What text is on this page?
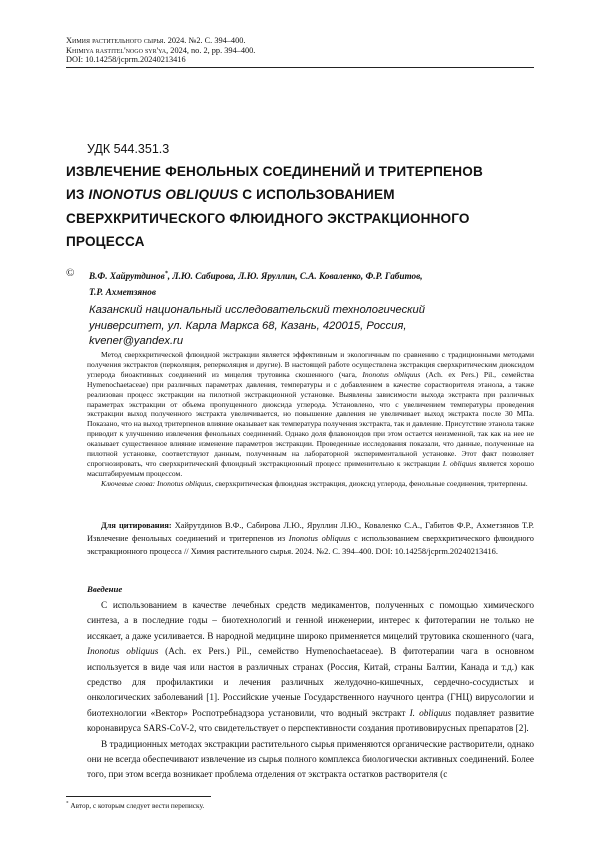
Химия растительного сырья. 2024. №2. С. 394–400.
Khimiya rastitel'nogo syr'ya, 2024, no. 2, pp. 394–400.
DOI: 10.14258/jcprm.20240213416
УДК 544.351.3
ИЗВЛЕЧЕНИЕ ФЕНОЛЬНЫХ СОЕДИНЕНИЙ И ТРИТЕРПЕНОВ
ИЗ INONOTUS OBLIQUUS С ИСПОЛЬЗОВАНИЕМ
СВЕРХКРИТИЧЕСКОГО ФЛЮИДНОГО ЭКСТРАКЦИОННОГО
ПРОЦЕССА
© В.Ф. Хайрутдинов*, Л.Ю. Сабирова, Л.Ю. Яруллин, С.А. Коваленко, Ф.Р. Габитов,
Т.Р. Ахметзянов
Казанский национальный исследовательский технологический
университет, ул. Карла Маркса 68, Казань, 420015, Россия,
kvener@yandex.ru

Метод сверхкритической флюидной экстракции является эффективным и экологичным по сравнению с традиционными методами получения экстрактов (перколяция, реперколяция и другие). В настоящей работе осуществлена экстракция сверхкритическим диоксидом углерода биоактивных соединений из мицелия трутовика скошенного (чага, Inonotus obliquus (Ach. ex Pers.) Pil., семейства Hymenochaetaceae) при различных параметрах давления, температуры и с добавлением в качестве сорастворителя этанола, а также реализован процесс экстракции на пилотной экстракционной установке. Выявлены зависимости выхода экстракта при различных параметрах экстракции от объема пропущенного диоксида углерода. Установлено, что с увеличением температуры проведения экстракции выход полученного экстракта увеличивается, но повышение давления не увеличивает выход экстракта после 30 МПа. Показано, что на выход тритерпенов влияние оказывает как температура получения экстракта, так и давление. Присутствие этанола также приводит к улучшению извлечения фенольных соединений. Однако доля флавоноидов при этом остается неизменной, так как на нее не оказывает существенное влияние изменение параметров экстракции. Проведенные исследования показали, что данные, полученные на пилотной установке, соответствуют данным, полученным на лабораторной экспериментальной установке. Этот факт позволяет спрогнозировать, что сверхкритический флюидный экстракционный процесс применительно к экстракции I. obliquus является хорошо масштабируемым процессом.

Ключевые слова: Inonotus obliquus, сверхкритическая флюидная экстракция, диоксид углерода, фенольные соединения, тритерпены.

Для цитирования: Хайрутдинов В.Ф., Сабирова Л.Ю., Яруллин Л.Ю., Коваленко С.А., Габитов Ф.Р., Ахметзянов Т.Р. Извлечение фенольных соединений и тритерпенов из Inonotus obliquus с использованием сверхкритического флюидного экстракционного процесса // Химия растительного сырья. 2024. №2. С. 394–400. DOI: 10.14258/jcprm.20240213416.

Введение

С использованием в качестве лечебных средств медикаментов, полученных с помощью химического синтеза, а в последние годы – биотехнологий и генной инженерии, интерес к фитотерапии не только не иссякает, а даже усиливается. В народной медицине широко применяется мицелий трутовика скошенного (чага, Inonotus obliquus (Ach. ex Pers.) Pil., семейство Hymenochaetaceae). В фитотерапии чага в основном используется в виде чая или настоя в различных странах (Россия, Китай, страны Балтии, Канада и т.д.) как средство для профилактики и лечения различных желудочно-кишечных, сердечно-сосудистых и онкологических заболеваний [1]. Российские ученые Государственного научного центра (ГНЦ) вирусологии и биотехнологии «Вектор» Роспотребнадзора установили, что водный экстракт I. obliquus подавляет развитие коронавируса SARS-CoV-2, что свидетельствует о перспективности создания противовирусных препаратов [2].

В традиционных методах экстракции растительного сырья применяются органические растворители, однако они не всегда обеспечивают извлечение из сырья полного комплекса биологически активных соединений. Более того, при этом всегда возникает проблема отделения от экстракта остатков растворителя (с

* Автор, с которым следует вести переписку.
